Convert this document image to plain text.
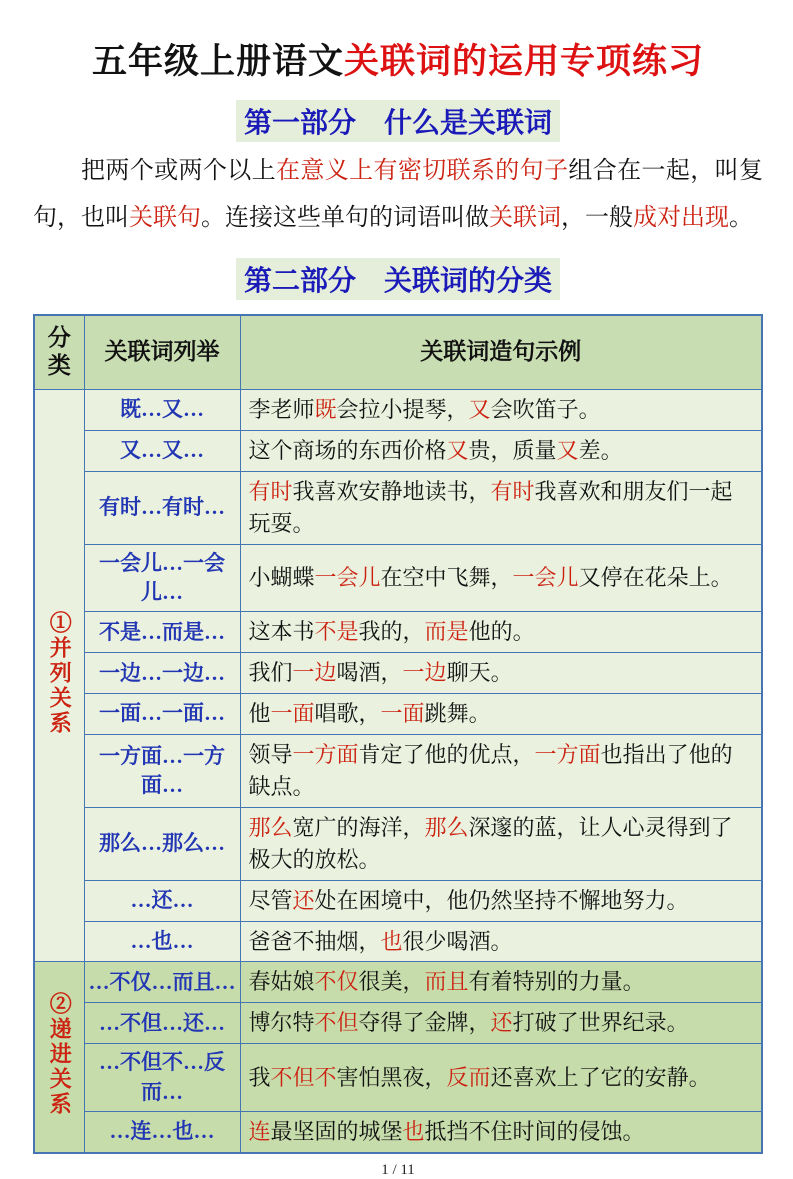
五年级上册语文关联词的运用专项练习
第一部分　什么是关联词

把两个或两个以上在意义上有密切联系的句子组合在一起，叫复句，也叫关联句。连接这些单句的词语叫做关联词，一般成对出现。

第二部分　关联词的分类
分类	关联词列举	关联词造句示例
①并列关系	既…又…	李老师既会拉小提琴，又会吹笛子。
	又…又…	这个商场的东西价格又贵，质量又差。
	有时…有时…	有时我喜欢安静地读书，有时我喜欢和朋友们一起玩耍。
	一会儿…一会儿…	小蝴蝶一会儿在空中飞舞，一会儿又停在花朵上。
	不是…而是…	这本书不是我的，而是他的。
	一边…一边…	我们一边喝酒，一边聊天。
	一面…一面…	他一面唱歌，一面跳舞。
	一方面…一方面…	领导一方面肯定了他的优点，一方面也指出了他的缺点。
	那么…那么…	那么宽广的海洋，那么深邃的蓝，让人心灵得到了极大的放松。
	…还…	尽管还处在困境中，他仍然坚持不懈地努力。
	…也…	爸爸不抽烟，也很少喝酒。
②递进关系	…不仅…而且…	春姑娘不仅很美，而且有着特别的力量。
	…不但…还…	博尔特不但夺得了金牌，还打破了世界纪录。
	…不但不…反而…	我不但不害怕黑夜，反而还喜欢上了它的安静。
	…连…也…	连最坚固的城堡也抵挡不住时间的侵蚀。
1 / 11
